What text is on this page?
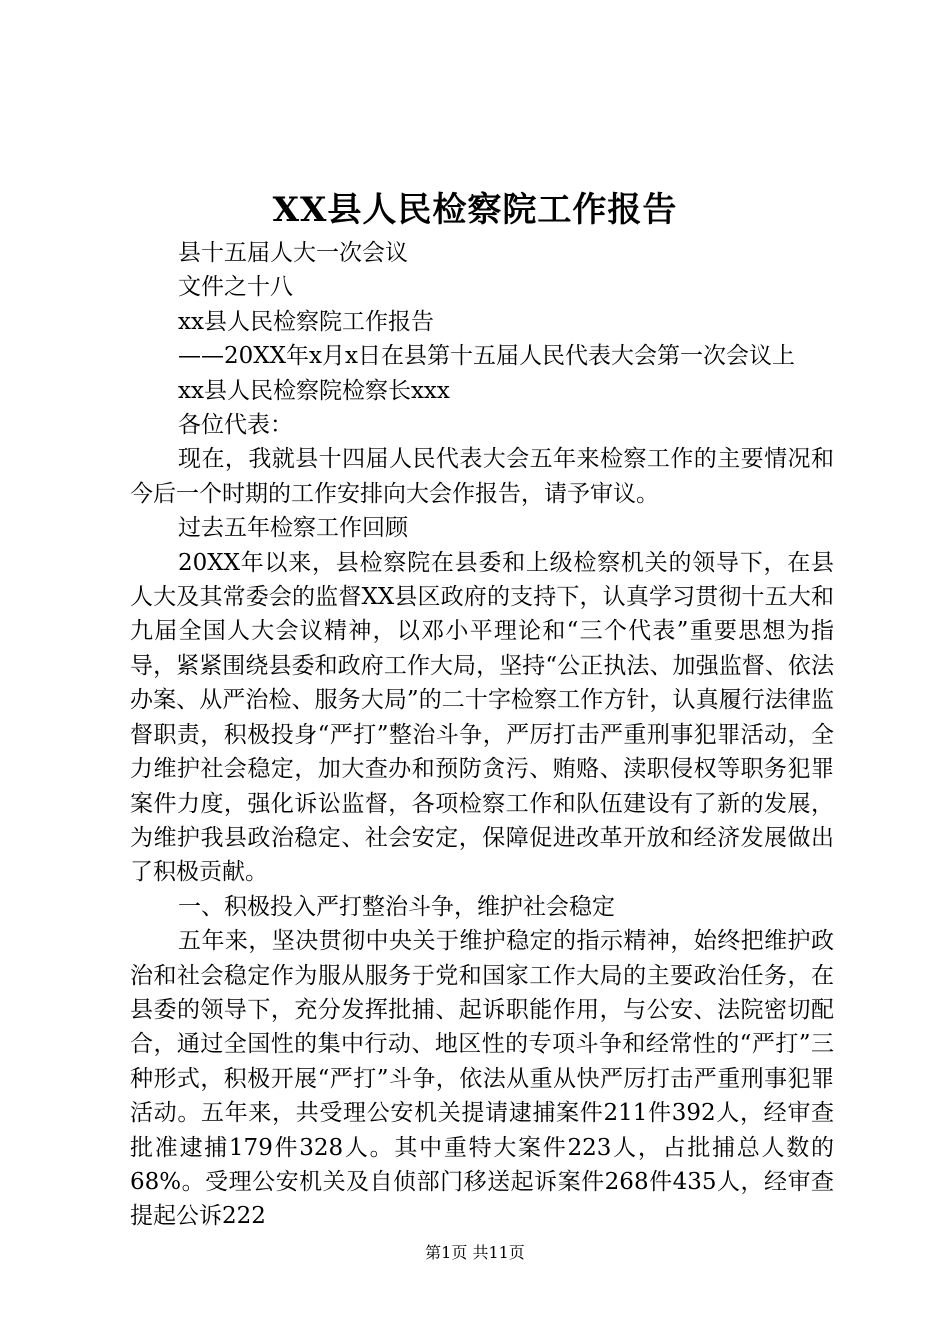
XX县人民检察院工作报告

县十五届人大一次会议

文件之十八

xx县人民检察院工作报告

——20XX年x月x日在县第十五届人民代表大会第一次会议上

xx县人民检察院检察长xxx

各位代表：

现在，我就县十四届人民代表大会五年来检察工作的主要情况和今后一个时期的工作安排向大会作报告，请予审议。

过去五年检察工作回顾

20XX年以来，县检察院在县委和上级检察机关的领导下，在县人大及其常委会的监督XX县区政府的支持下，认真学习贯彻十五大和九届全国人大会议精神，以邓小平理论和“三个代表”重要思想为指导，紧紧围绕县委和政府工作大局，坚持“公正执法、加强监督、依法办案、从严治检、服务大局”的二十字检察工作方针，认真履行法律监督职责，积极投身“严打”整治斗争，严厉打击严重刑事犯罪活动，全力维护社会稳定，加大查办和预防贪污、贿赂、渎职侵权等职务犯罪案件力度，强化诉讼监督，各项检察工作和队伍建设有了新的发展，为维护我县政治稳定、社会安定，保障促进改革开放和经济发展做出了积极贡献。

一、积极投入严打整治斗争，维护社会稳定

五年来，坚决贯彻中央关于维护稳定的指示精神，始终把维护政治和社会稳定作为服从服务于党和国家工作大局的主要政治任务，在县委的领导下，充分发挥批捕、起诉职能作用，与公安、法院密切配合，通过全国性的集中行动、地区性的专项斗争和经常性的“严打”三种形式，积极开展“严打”斗争，依法从重从快严厉打击严重刑事犯罪活动。五年来，共受理公安机关提请逮捕案件211件392人，经审查批准逮捕179件328人。其中重特大案件223人，占批捕总人数的68%。受理公安机关及自侦部门移送起诉案件268件435人，经审查提起公诉222

第1页 共11页
